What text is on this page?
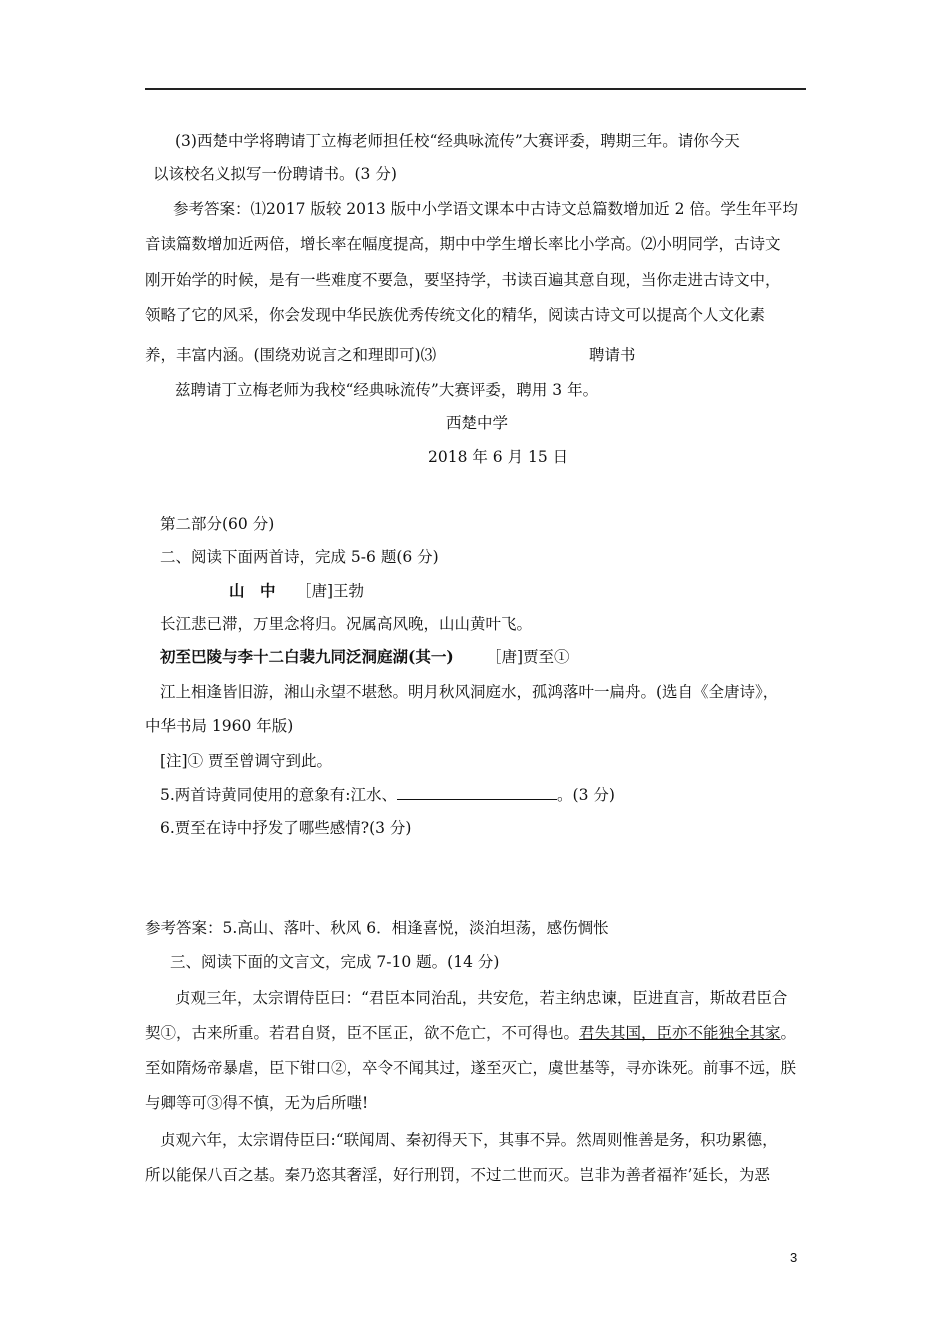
(3)西楚中学将聘请丁立梅老师担任校“经典咏流传”大赛评委，聘期三年。请你今天
以该校名义拟写一份聘请书。(3 分)
参考答案：⑴2017 版较 2013 版中小学语文课本中古诗文总篇数增加近 2 倍。学生年平均
音读篇数增加近两倍，增长率在幅度提高，期中中学生增长率比小学高。⑵小明同学，古诗文
刚开始学的时候，是有一些难度不要急，要坚持学，书读百遍其意自现，当你走进古诗文中，
领略了它的风采，你会发现中华民族优秀传统文化的精华，阅读古诗文可以提高个人文化素
养，丰富内涵。(围绕劝说言之和理即可)⑶	聘请书
兹聘请丁立梅老师为我校“经典咏流传”大赛评委，聘用 3 年。
西楚中学
2018 年 6 月 15 日
第二部分(60 分)
二、阅读下面两首诗，完成 5-6 题(6 分)
山　中 ［唐]王勃
长江悲已滞，万里念将归。况属高风晚，山山黄叶飞。
初至巴陵与李十二白裴九同泛洞庭湖(其一) ［唐]贾至①
江上相逢皆旧游，湘山永望不堪愁。明月秋风洞庭水，孤鸿落叶一扁舟。(选自《全唐诗》，
中华书局 1960 年版)
[注]① 贾至曾调守到此。
5.两首诗黄同使用的意象有:江水、	。(3 分)
6.贾至在诗中抒发了哪些感情?(3 分)
参考答案：5.高山、落叶、秋风 6．相逢喜悦，淡泊坦荡，感伤惆怅
三、阅读下面的文言文，完成 7-10 题。(14 分)
贞观三年，太宗谓侍臣曰：“君臣本同治乱，共安危，若主纳忠谏，臣进直言，斯故君臣合
契①，古来所重。若君自贤，臣不匡正，欲不危亡，不可得也。君失其国，臣亦不能独全其家。
至如隋炀帝暴虐，臣下钳口②，卒令不闻其过，遂至灭亡，虞世基等，寻亦诛死。前事不远，朕
与卿等可③得不慎，无为后所嗤!
贞观六年，太宗谓侍臣曰:“联闻周、秦初得天下，其事不异。然周则惟善是务，积功累德，
所以能保八百之基。秦乃恣其奢淫，好行刑罚，不过二世而灭。岂非为善者福祚’延长，为恶
3
